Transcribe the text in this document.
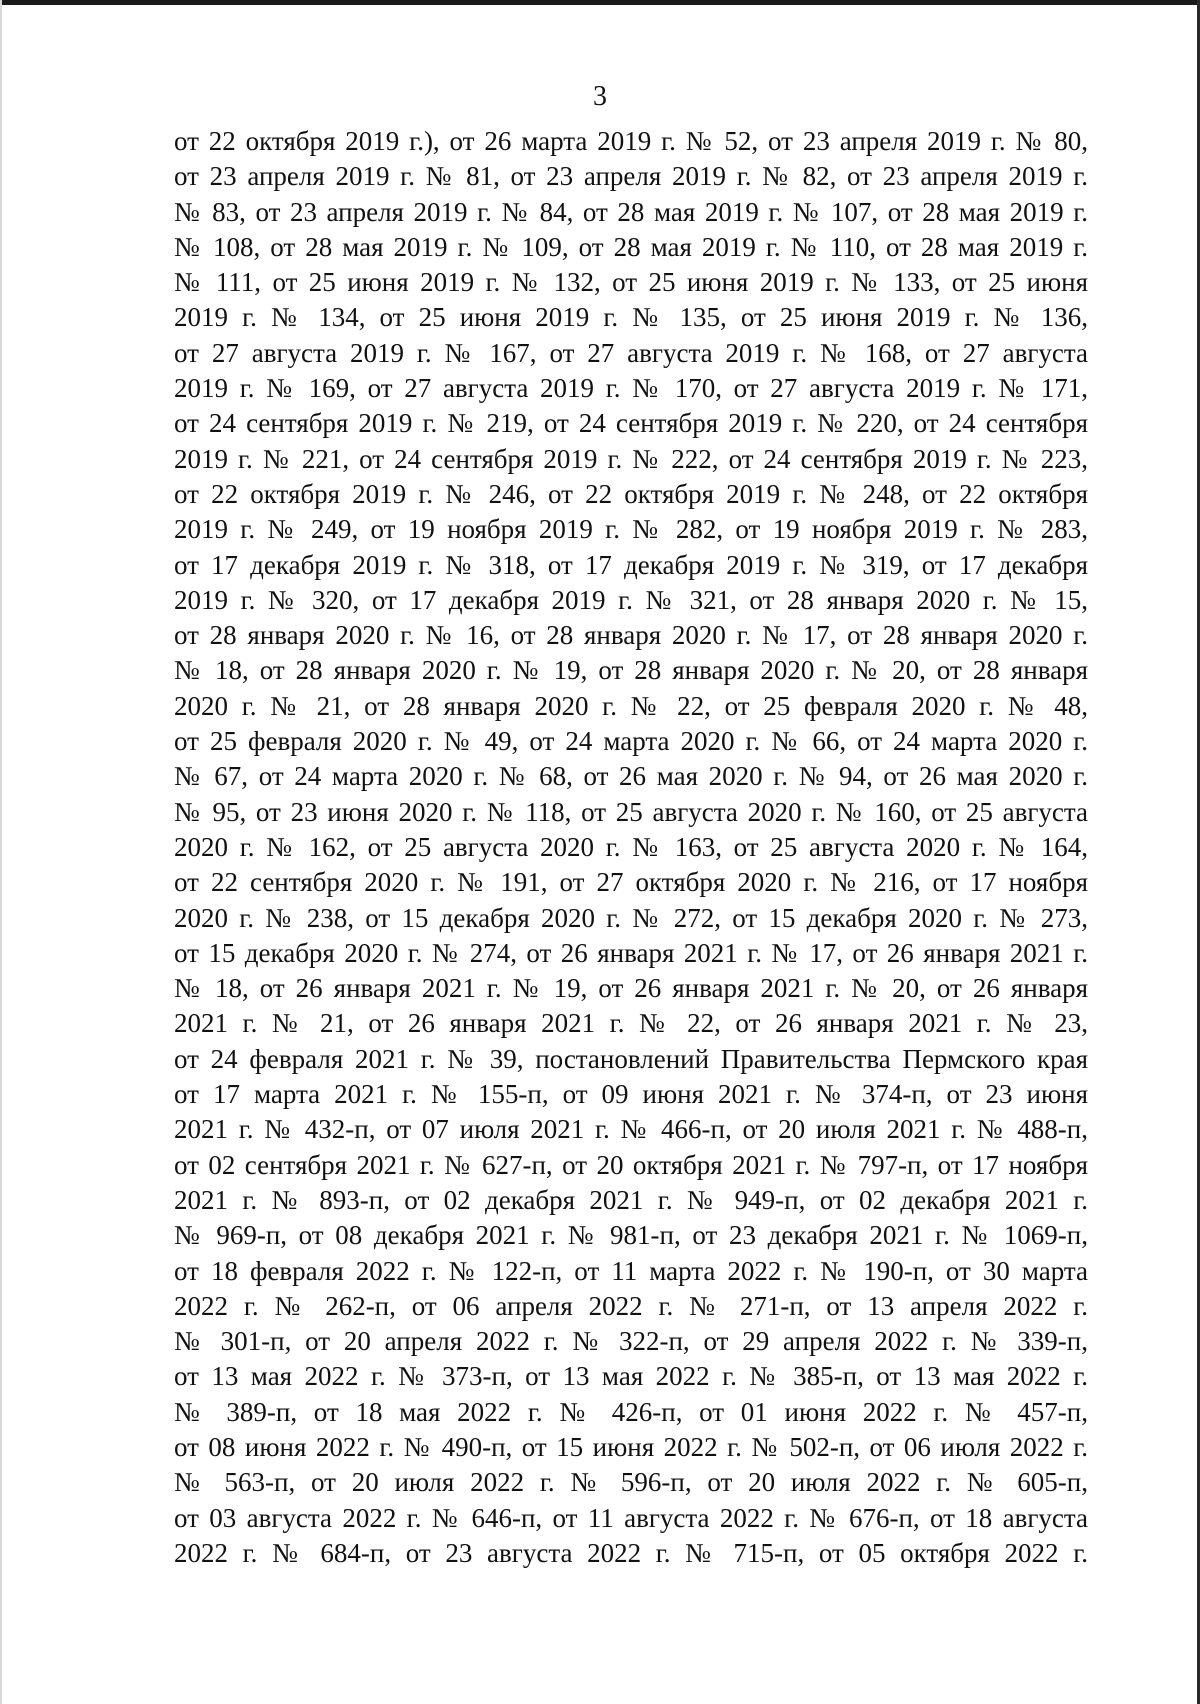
3
от 22 октября 2019 г.), от 26 марта 2019 г. № 52, от 23 апреля 2019 г. № 80,
от 23 апреля 2019 г. № 81, от 23 апреля 2019 г. № 82, от 23 апреля 2019 г.
№ 83, от 23 апреля 2019 г. № 84, от 28 мая 2019 г. № 107, от 28 мая 2019 г.
№ 108, от 28 мая 2019 г. № 109, от 28 мая 2019 г. № 110, от 28 мая 2019 г.
№ 111, от 25 июня 2019 г. № 132, от 25 июня 2019 г. № 133, от 25 июня
2019 г. № 134, от 25 июня 2019 г. № 135, от 25 июня 2019 г. № 136,
от 27 августа 2019 г. № 167, от 27 августа 2019 г. № 168, от 27 августа
2019 г. № 169, от 27 августа 2019 г. № 170, от 27 августа 2019 г. № 171,
от 24 сентября 2019 г. № 219, от 24 сентября 2019 г. № 220, от 24 сентября
2019 г. № 221, от 24 сентября 2019 г. № 222, от 24 сентября 2019 г. № 223,
от 22 октября 2019 г. № 246, от 22 октября 2019 г. № 248, от 22 октября
2019 г. № 249, от 19 ноября 2019 г. № 282, от 19 ноября 2019 г. № 283,
от 17 декабря 2019 г. № 318, от 17 декабря 2019 г. № 319, от 17 декабря
2019 г. № 320, от 17 декабря 2019 г. № 321, от 28 января 2020 г. № 15,
от 28 января 2020 г. № 16, от 28 января 2020 г. № 17, от 28 января 2020 г.
№ 18, от 28 января 2020 г. № 19, от 28 января 2020 г. № 20, от 28 января
2020 г. № 21, от 28 января 2020 г. № 22, от 25 февраля 2020 г. № 48,
от 25 февраля 2020 г. № 49, от 24 марта 2020 г. № 66, от 24 марта 2020 г.
№ 67, от 24 марта 2020 г. № 68, от 26 мая 2020 г. № 94, от 26 мая 2020 г.
№ 95, от 23 июня 2020 г. № 118, от 25 августа 2020 г. № 160, от 25 августа
2020 г. № 162, от 25 августа 2020 г. № 163, от 25 августа 2020 г. № 164,
от 22 сентября 2020 г. № 191, от 27 октября 2020 г. № 216, от 17 ноября
2020 г. № 238, от 15 декабря 2020 г. № 272, от 15 декабря 2020 г. № 273,
от 15 декабря 2020 г. № 274, от 26 января 2021 г. № 17, от 26 января 2021 г.
№ 18, от 26 января 2021 г. № 19, от 26 января 2021 г. № 20, от 26 января
2021 г. № 21, от 26 января 2021 г. № 22, от 26 января 2021 г. № 23,
от 24 февраля 2021 г. № 39, постановлений Правительства Пермского края
от 17 марта 2021 г. № 155-п, от 09 июня 2021 г. № 374-п, от 23 июня
2021 г. № 432-п, от 07 июля 2021 г. № 466-п, от 20 июля 2021 г. № 488-п,
от 02 сентября 2021 г. № 627-п, от 20 октября 2021 г. № 797-п, от 17 ноября
2021 г. № 893-п, от 02 декабря 2021 г. № 949-п, от 02 декабря 2021 г.
№ 969-п, от 08 декабря 2021 г. № 981-п, от 23 декабря 2021 г. № 1069-п,
от 18 февраля 2022 г. № 122-п, от 11 марта 2022 г. № 190-п, от 30 марта
2022 г. № 262-п, от 06 апреля 2022 г. № 271-п, от 13 апреля 2022 г.
№ 301-п, от 20 апреля 2022 г. № 322-п, от 29 апреля 2022 г. № 339-п,
от 13 мая 2022 г. № 373-п, от 13 мая 2022 г. № 385-п, от 13 мая 2022 г.
№ 389-п, от 18 мая 2022 г. № 426-п, от 01 июня 2022 г. № 457-п,
от 08 июня 2022 г. № 490-п, от 15 июня 2022 г. № 502-п, от 06 июля 2022 г.
№ 563-п, от 20 июля 2022 г. № 596-п, от 20 июля 2022 г. № 605-п,
от 03 августа 2022 г. № 646-п, от 11 августа 2022 г. № 676-п, от 18 августа
2022 г. № 684-п, от 23 августа 2022 г. № 715-п, от 05 октября 2022 г.
